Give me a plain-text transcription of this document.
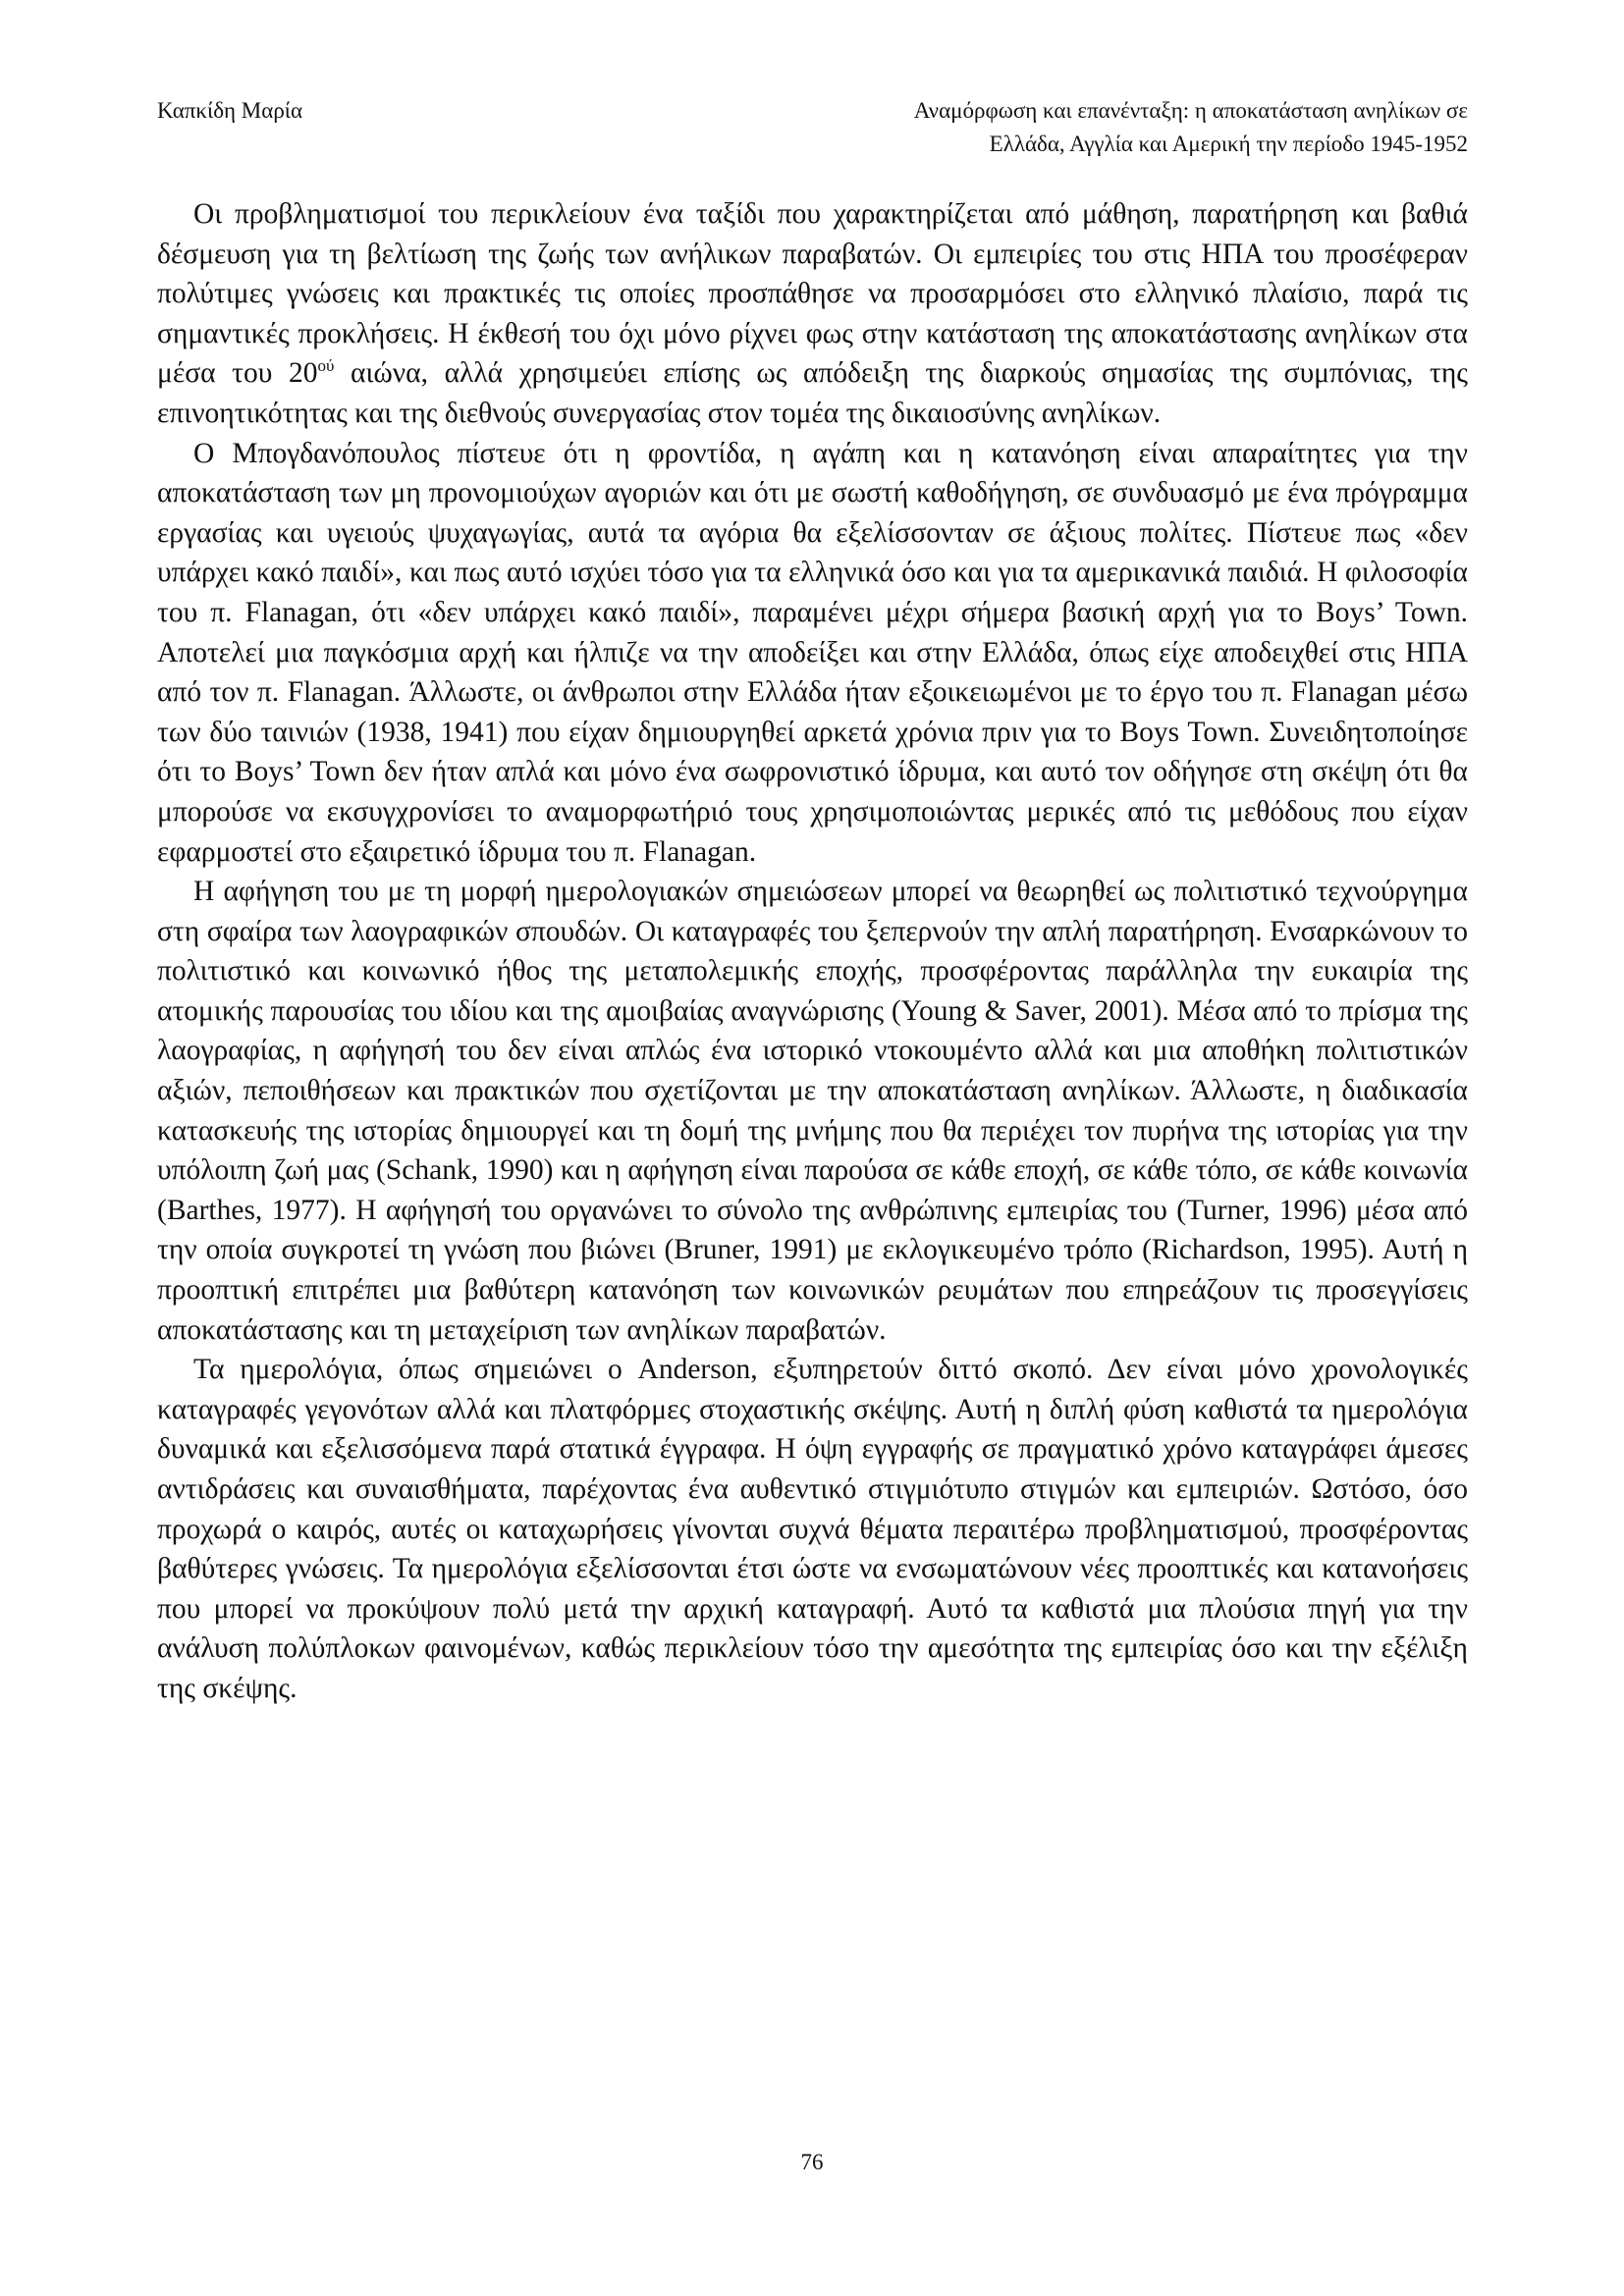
Καπκίδη Μαρία	Αναμόρφωση και επανένταξη: η αποκατάσταση ανηλίκων σε
Ελλάδα, Αγγλία και Αμερική την περίοδο 1945-1952

Οι προβληματισμοί του περικλείουν ένα ταξίδι που χαρακτηρίζεται από μάθηση, παρατήρηση και βαθιά δέσμευση για τη βελτίωση της ζωής των ανήλικων παραβατών. Οι εμπειρίες του στις ΗΠΑ του προσέφεραν πολύτιμες γνώσεις και πρακτικές τις οποίες προσπάθησε να προσαρμόσει στο ελληνικό πλαίσιο, παρά τις σημαντικές προκλήσεις. Η έκθεσή του όχι μόνο ρίχνει φως στην κατάσταση της αποκατάστασης ανηλίκων στα μέσα του $20^{oύ}$ αιώνα, αλλά χρησιμεύει επίσης ως απόδειξη της διαρκούς σημασίας της συμπόνιας, της επινοητικότητας και της διεθνούς συνεργασίας στον τομέα της δικαιοσύνης ανηλίκων.

Ο Μπογδανόπουλος πίστευε ότι η φροντίδα, η αγάπη και η κατανόηση είναι απαραίτητες για την αποκατάσταση των μη προνομιούχων αγοριών και ότι με σωστή καθοδήγηση, σε συνδυασμό με ένα πρόγραμμα εργασίας και υγειούς ψυχαγωγίας, αυτά τα αγόρια θα εξελίσσονταν σε άξιους πολίτες. Πίστευε πως «δεν υπάρχει κακό παιδί», και πως αυτό ισχύει τόσο για τα ελληνικά όσο και για τα αμερικανικά παιδιά. Η φιλοσοφία του π. Flanagan, ότι «δεν υπάρχει κακό παιδί», παραμένει μέχρι σήμερα βασική αρχή για το Boys’ Town. Αποτελεί μια παγκόσμια αρχή και ήλπιζε να την αποδείξει και στην Ελλάδα, όπως είχε αποδειχθεί στις ΗΠΑ από τον π. Flanagan. Άλλωστε, οι άνθρωποι στην Ελλάδα ήταν εξοικειωμένοι με το έργο του π. Flanagan μέσω των δύο ταινιών (1938, 1941) που είχαν δημιουργηθεί αρκετά χρόνια πριν για το Boys Town. Συνειδητοποίησε ότι το Boys’ Town δεν ήταν απλά και μόνο ένα σωφρονιστικό ίδρυμα, και αυτό τον οδήγησε στη σκέψη ότι θα μπορούσε να εκσυγχρονίσει το αναμορφωτήριό τους χρησιμοποιώντας μερικές από τις μεθόδους που είχαν εφαρμοστεί στο εξαιρετικό ίδρυμα του π. Flanagan.

Η αφήγηση του με τη μορφή ημερολογιακών σημειώσεων μπορεί να θεωρηθεί ως πολιτιστικό τεχνούργημα στη σφαίρα των λαογραφικών σπουδών. Οι καταγραφές του ξεπερνούν την απλή παρατήρηση. Ενσαρκώνουν το πολιτιστικό και κοινωνικό ήθος της μεταπολεμικής εποχής, προσφέροντας παράλληλα την ευκαιρία της ατομικής παρουσίας του ιδίου και της αμοιβαίας αναγνώρισης (Young & Saver, 2001). Μέσα από το πρίσμα της λαογραφίας, η αφήγησή του δεν είναι απλώς ένα ιστορικό ντοκουμέντο αλλά και μια αποθήκη πολιτιστικών αξιών, πεποιθήσεων και πρακτικών που σχετίζονται με την αποκατάσταση ανηλίκων. Άλλωστε, η διαδικασία κατασκευής της ιστορίας δημιουργεί και τη δομή της μνήμης που θα περιέχει τον πυρήνα της ιστορίας για την υπόλοιπη ζωή μας (Schank, 1990) και η αφήγηση είναι παρούσα σε κάθε εποχή, σε κάθε τόπο, σε κάθε κοινωνία (Barthes, 1977). Η αφήγησή του οργανώνει το σύνολο της ανθρώπινης εμπειρίας του (Turner, 1996) μέσα από την οποία συγκροτεί τη γνώση που βιώνει (Bruner, 1991) με εκλογικευμένο τρόπο (Richardson, 1995). Αυτή η προοπτική επιτρέπει μια βαθύτερη κατανόηση των κοινωνικών ρευμάτων που επηρεάζουν τις προσεγγίσεις αποκατάστασης και τη μεταχείριση των ανηλίκων παραβατών.

Τα ημερολόγια, όπως σημειώνει ο Anderson, εξυπηρετούν διττό σκοπό. Δεν είναι μόνο χρονολογικές καταγραφές γεγονότων αλλά και πλατφόρμες στοχαστικής σκέψης. Αυτή η διπλή φύση καθιστά τα ημερολόγια δυναμικά και εξελισσόμενα παρά στατικά έγγραφα. Η όψη εγγραφής σε πραγματικό χρόνο καταγράφει άμεσες αντιδράσεις και συναισθήματα, παρέχοντας ένα αυθεντικό στιγμιότυπο στιγμών και εμπειριών. Ωστόσο, όσο προχωρά ο καιρός, αυτές οι καταχωρήσεις γίνονται συχνά θέματα περαιτέρω προβληματισμού, προσφέροντας βαθύτερες γνώσεις. Τα ημερολόγια εξελίσσονται έτσι ώστε να ενσωματώνουν νέες προοπτικές και κατανοήσεις που μπορεί να προκύψουν πολύ μετά την αρχική καταγραφή. Αυτό τα καθιστά μια πλούσια πηγή για την ανάλυση πολύπλοκων φαινομένων, καθώς περικλείουν τόσο την αμεσότητα της εμπειρίας όσο και την εξέλιξη της σκέψης.

76
